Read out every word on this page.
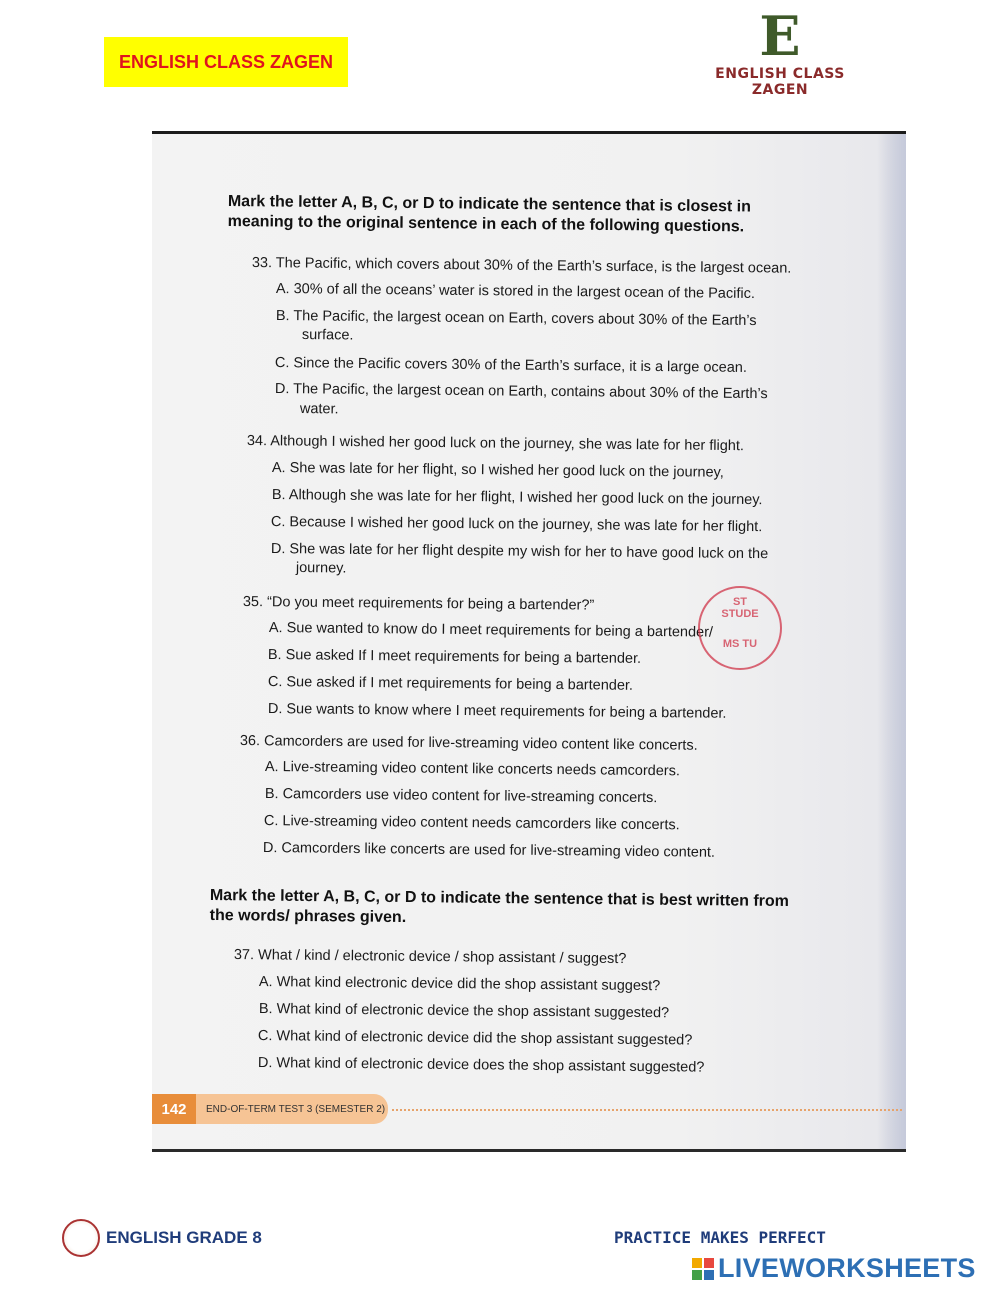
ENGLISH CLASS ZAGEN	E
ENGLISH CLASS ZAGEN
Mark the letter A, B, C, or D to indicate the sentence that is closest in
meaning to the original sentence in each of the following questions.
33. The Pacific, which covers about 30% of the Earth’s surface, is the largest ocean.
A. 30% of all the oceans’ water is stored in the largest ocean of the Pacific.
B. The Pacific, the largest ocean on Earth, covers about 30% of the Earth’s
surface.
C. Since the Pacific covers 30% of the Earth’s surface, it is a large ocean.
D. The Pacific, the largest ocean on Earth, contains about 30% of the Earth’s
water.
34. Although I wished her good luck on the journey, she was late for her flight.
A. She was late for her flight, so I wished her good luck on the journey,
B. Although she was late for her flight, I wished her good luck on the journey.
C. Because I wished her good luck on the journey, she was late for her flight.
D. She was late for her flight despite my wish for her to have good luck on the
journey.
35. “Do you meet requirements for being a bartender?”
A. Sue wanted to know do I meet requirements for being a bartender/
B. Sue asked If I meet requirements for being a bartender.
C. Sue asked if I met requirements for being a bartender.
D. Sue wants to know where I meet requirements for being a bartender.
ST
STUDE
MS TU
36. Camcorders are used for live-streaming video content like concerts.
A. Live-streaming video content like concerts needs camcorders.
B. Camcorders use video content for live-streaming concerts.
C. Live-streaming video content needs camcorders like concerts.
D. Camcorders like concerts are used for live-streaming video content.
Mark the letter A, B, C, or D to indicate the sentence that is best written from
the words/ phrases given.
37. What / kind / electronic device / shop assistant / suggest?
A. What kind electronic device did the shop assistant suggest?
B. What kind of electronic device the shop assistant suggested?
C. What kind of electronic device did the shop assistant suggested?
D. What kind of electronic device does the shop assistant suggested?
142	END-OF-TERM TEST 3 (SEMESTER 2)
ENGLISH GRADE 8	PRACTICE MAKES PERFECT
LIVEWORKSHEETS
